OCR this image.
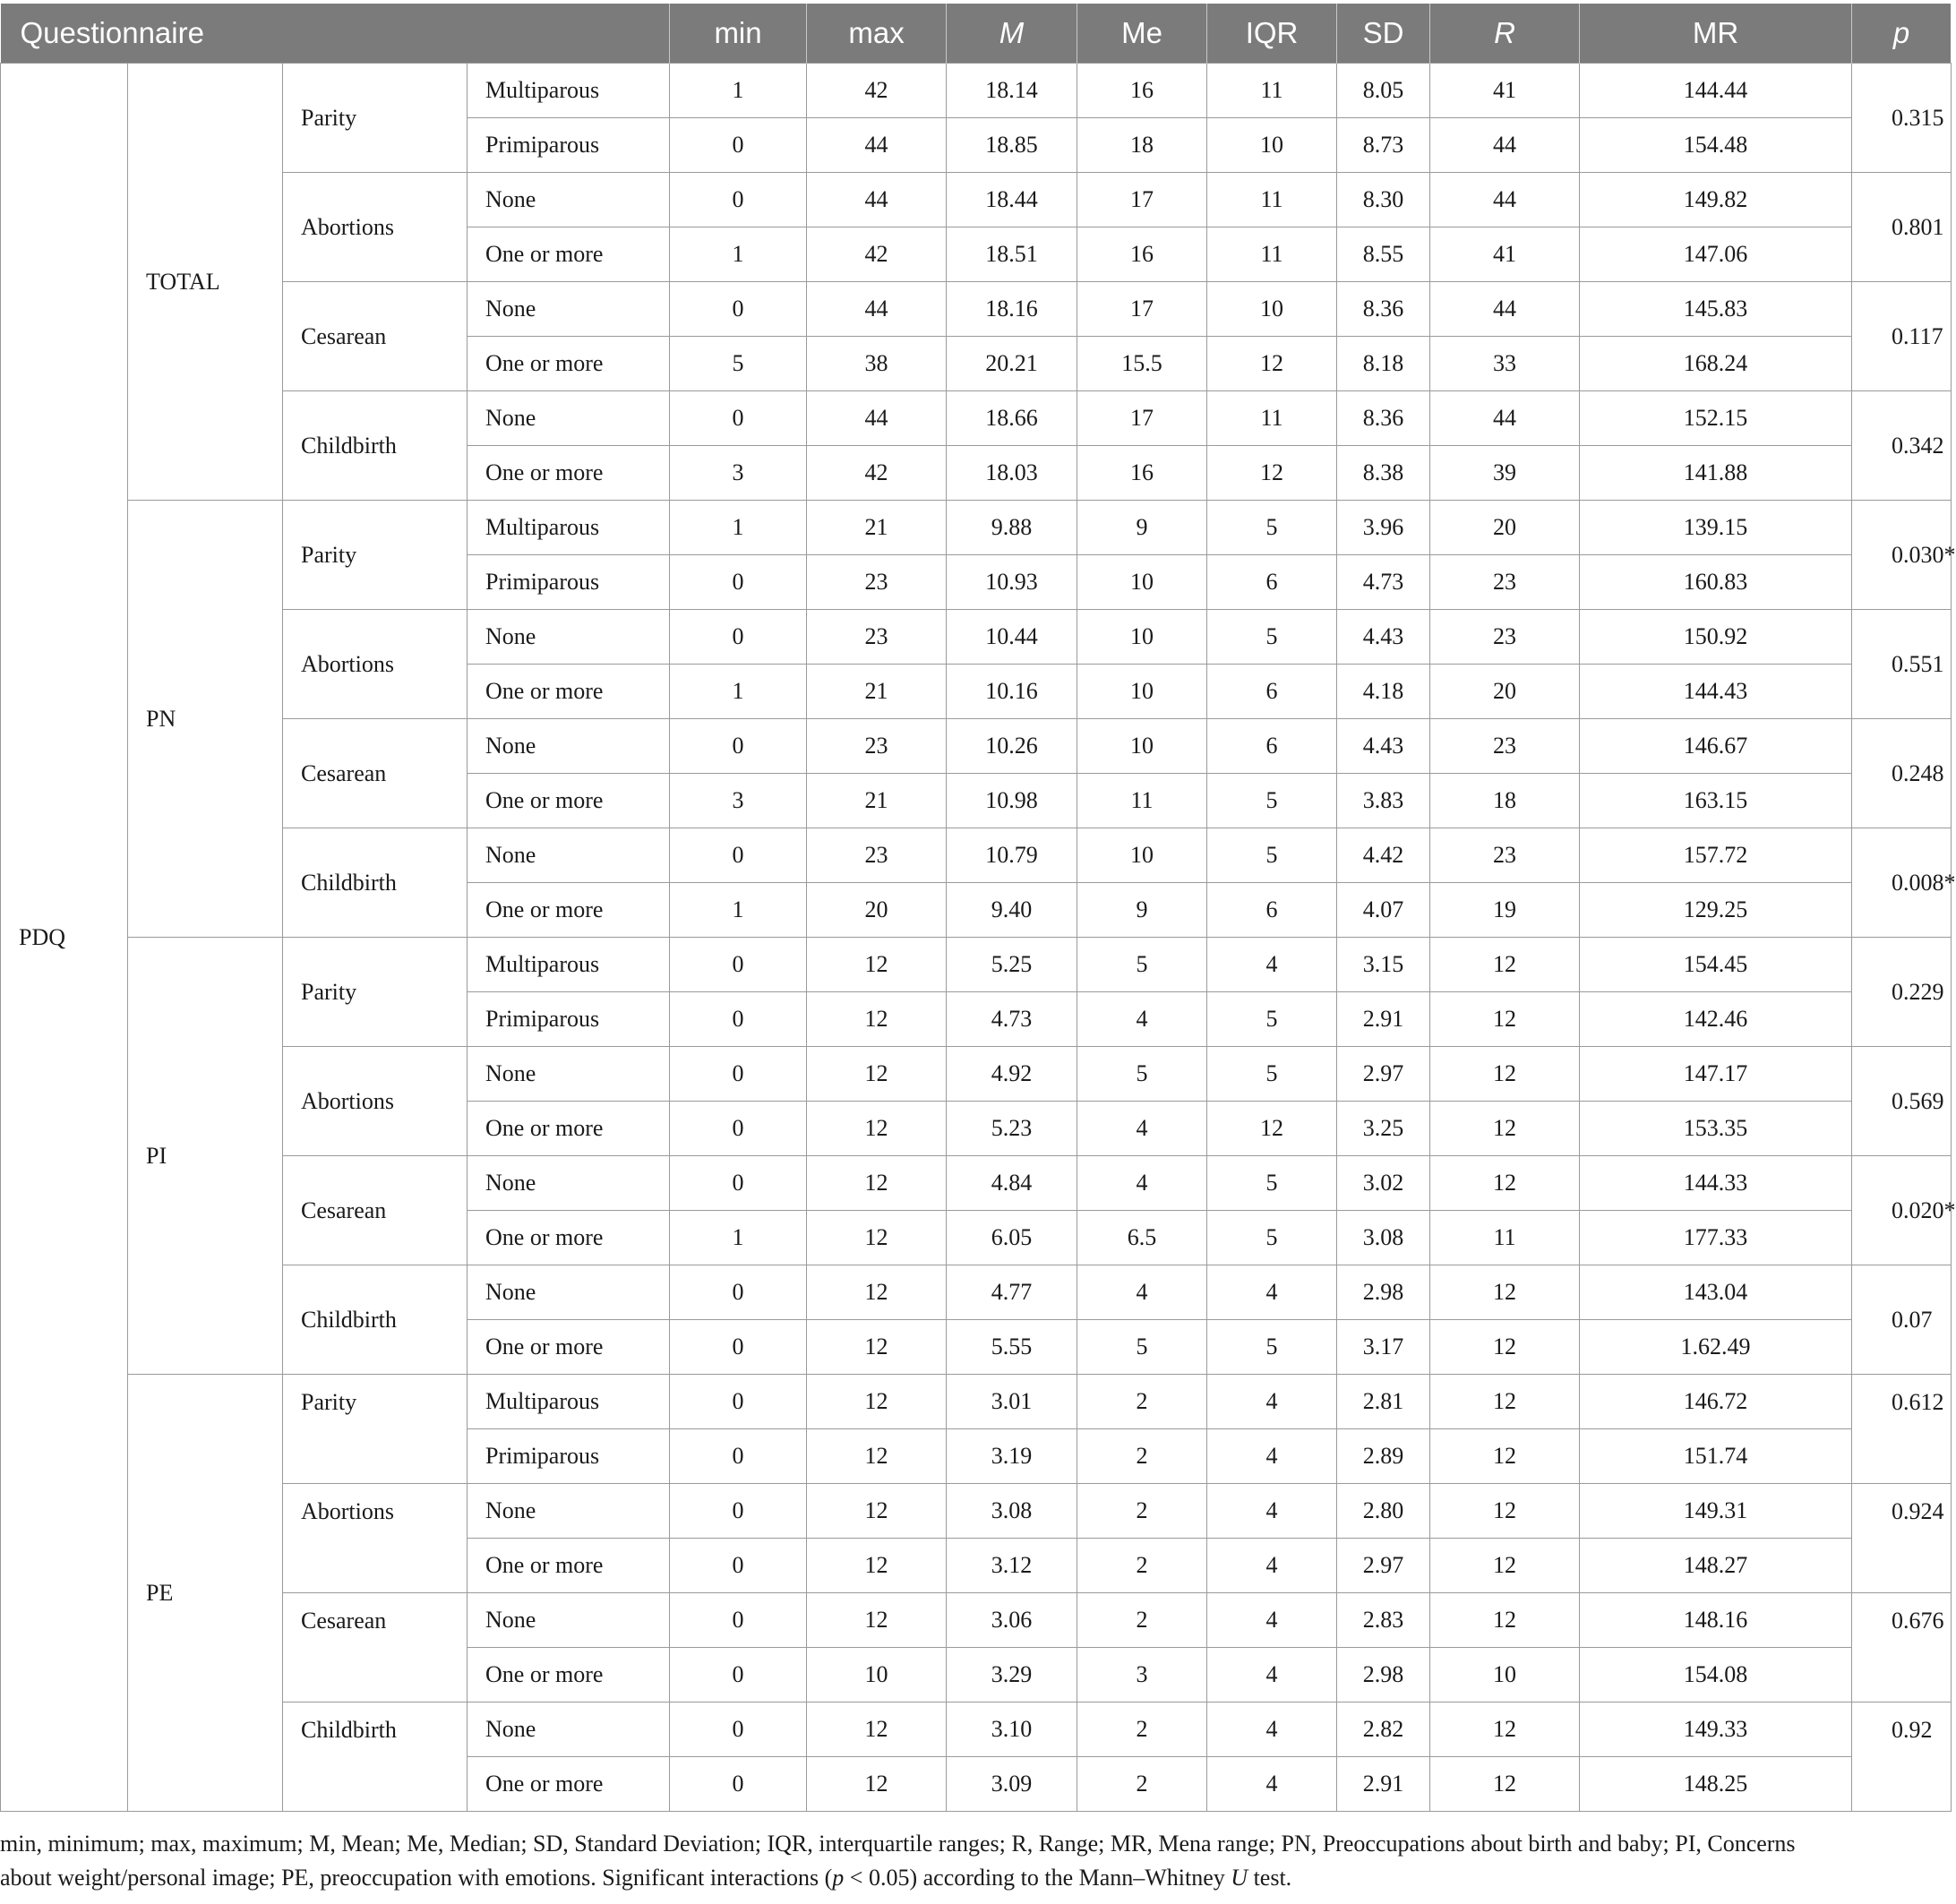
Questionnaire				min	max	M	Me	IQR	SD	R	MR	p
PDQ	TOTAL	Parity	Multiparous	1	42	18.14	16	11	8.05	41	144.44	0.315
			Primiparous	0	44	18.85	18	10	8.73	44	154.48	
		Abortions	None	0	44	18.44	17	11	8.30	44	149.82	0.801
			One or more	1	42	18.51	16	11	8.55	41	147.06	
		Cesarean	None	0	44	18.16	17	10	8.36	44	145.83	0.117
			One or more	5	38	20.21	15.5	12	8.18	33	168.24	
		Childbirth	None	0	44	18.66	17	11	8.36	44	152.15	0.342
			One or more	3	42	18.03	16	12	8.38	39	141.88	
	PN	Parity	Multiparous	1	21	9.88	9	5	3.96	20	139.15	0.030*
			Primiparous	0	23	10.93	10	6	4.73	23	160.83	
		Abortions	None	0	23	10.44	10	5	4.43	23	150.92	0.551
			One or more	1	21	10.16	10	6	4.18	20	144.43	
		Cesarean	None	0	23	10.26	10	6	4.43	23	146.67	0.248
			One or more	3	21	10.98	11	5	3.83	18	163.15	
		Childbirth	None	0	23	10.79	10	5	4.42	23	157.72	0.008*
			One or more	1	20	9.40	9	6	4.07	19	129.25	
	PI	Parity	Multiparous	0	12	5.25	5	4	3.15	12	154.45	0.229
			Primiparous	0	12	4.73	4	5	2.91	12	142.46	
		Abortions	None	0	12	4.92	5	5	2.97	12	147.17	0.569
			One or more	0	12	5.23	4	12	3.25	12	153.35	
		Cesarean	None	0	12	4.84	4	5	3.02	12	144.33	0.020*
			One or more	1	12	6.05	6.5	5	3.08	11	177.33	
		Childbirth	None	0	12	4.77	4	4	2.98	12	143.04	0.07
			One or more	0	12	5.55	5	5	3.17	12	1.62.49	
	PE	Parity	Multiparous	0	12	3.01	2	4	2.81	12	146.72	0.612
			Primiparous	0	12	3.19	2	4	2.89	12	151.74	
		Abortions	None	0	12	3.08	2	4	2.80	12	149.31	0.924
			One or more	0	12	3.12	2	4	2.97	12	148.27	
		Cesarean	None	0	12	3.06	2	4	2.83	12	148.16	0.676
			One or more	0	10	3.29	3	4	2.98	10	154.08	
		Childbirth	None	0	12	3.10	2	4	2.82	12	149.33	0.92
			One or more	0	12	3.09	2	4	2.91	12	148.25	
min, minimum; max, maximum; M, Mean; Me, Median; SD, Standard Deviation; IQR, interquartile ranges; R, Range; MR, Mena range; PN, Preoccupations about birth and baby; PI, Concerns about weight/personal image; PE, preoccupation with emotions. Significant interactions (p < 0.05) according to the Mann–Whitney U test.
